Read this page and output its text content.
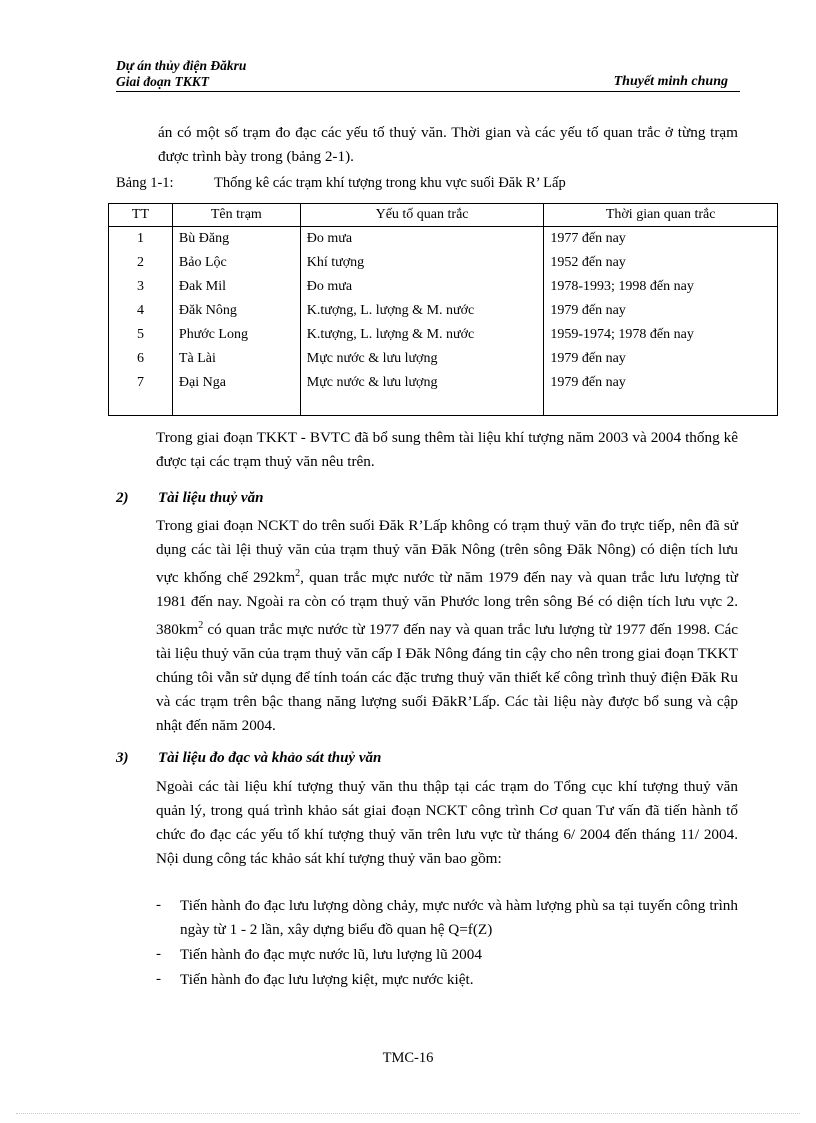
Dự án thủy điện Đăkru
Giai đoạn TKKT	Thuyết minh chung
án có một số trạm đo đạc các yếu tố thuỷ văn. Thời gian và các yếu tố quan trắc ở từng trạm được trình bày trong (bảng 2-1).
Bảng 1-1:	Thống kê các trạm khí tượng trong khu vực suối Đăk R’ Lấp
TT	Tên trạm	Yếu tố quan trắc	Thời gian quan trắc
1	Bù Đăng	Đo mưa	1977 đến nay
2	Bảo Lộc	Khí tượng	1952 đến nay
3	Đak Mil	Đo mưa	1978-1993; 1998 đến nay
4	Đăk Nông	K.tượng, L. lượng & M. nước	1979 đến nay
5	Phước Long	K.tượng, L. lượng & M. nước	1959-1974; 1978 đến nay
6	Tà Lài	Mực nước & lưu lượng	1979 đến nay
7	Đại Nga	Mực nước & lưu lượng	1979 đến nay

Trong giai đoạn TKKT - BVTC đã bổ sung thêm tài liệu khí tượng năm 2003 và 2004 thống kê được tại các trạm thuỷ văn nêu trên.
2) Tài liệu thuỷ văn
Trong giai đoạn NCKT do trên suối Đăk R’Lấp không có trạm thuỷ văn đo trực tiếp, nên đã sử dụng các tài lệi thuỷ văn của trạm thuỷ văn Đăk Nông (trên sông Đăk Nông) có diện tích lưu vực khống chế $292km^2$, quan trắc mực nước từ năm 1979 đến nay và quan trắc lưu lượng từ 1981 đến nay. Ngoài ra còn có trạm thuỷ văn Phước long trên sông Bé có diện tích lưu vực 2. $380km^2$ có quan trắc mực nước từ 1977 đến nay và quan trắc lưu lượng từ 1977 đến 1998. Các tài liệu thuỷ văn của trạm thuỷ văn cấp I Đăk Nông đáng tin cậy cho nên trong giai đoạn TKKT chúng tôi vẫn sử dụng để tính toán các đặc trưng thuỷ văn thiết kế công trình thuỷ điện Đăk Ru và các trạm trên bậc thang năng lượng suối ĐăkR’Lấp. Các tài liệu này được bổ sung và cập nhật đến năm 2004.
3) Tài liệu đo đạc và khảo sát thuỷ văn
Ngoài các tài liệu khí tượng thuỷ văn thu thập tại các trạm do Tổng cục khí tượng thuỷ văn quản lý, trong quá trình khảo sát giai đoạn NCKT công trình Cơ quan Tư vấn đã tiến hành tổ chức đo đạc các yếu tố khí tượng thuỷ văn trên lưu vực từ tháng 6/ 2004 đến tháng 11/ 2004. Nội dung công tác khảo sát khí tượng thuỷ văn bao gồm:
- Tiến hành đo đạc lưu lượng dòng chảy, mực nước và hàm lượng phù sa tại tuyến công trình ngày từ 1 - 2 lần, xây dựng biểu đồ quan hệ Q=f(Z)
- Tiến hành đo đạc mực nước lũ, lưu lượng lũ 2004
- Tiến hành đo đạc lưu lượng kiệt, mực nước kiệt.
TMC-16
